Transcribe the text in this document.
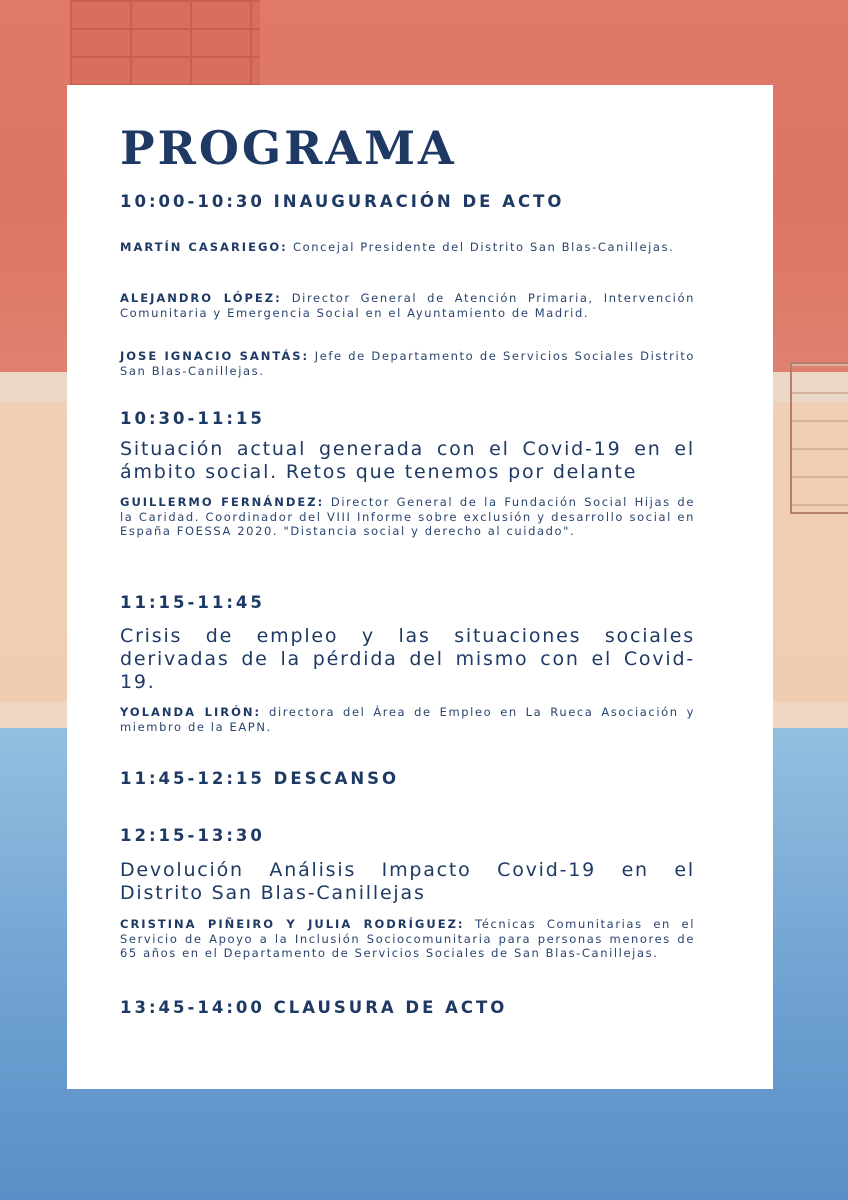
PROGRAMA
10:00-10:30 INAUGURACIÓN DE ACTO
MARTÍN CASARIEGO: Concejal Presidente del Distrito San Blas-Canillejas.
ALEJANDRO LÓPEZ: Director General de Atención Primaria, Intervención Comunitaria y Emergencia Social en el Ayuntamiento de Madrid.
JOSE IGNACIO SANTÁS: Jefe de Departamento de Servicios Sociales Distrito San Blas-Canillejas.
10:30-11:15
Situación actual generada con el Covid-19 en el ámbito social. Retos que tenemos por delante
GUILLERMO FERNÁNDEZ: Director General de la Fundación Social Hijas de la Caridad. Coordinador del VIII Informe sobre exclusión y desarrollo social en España FOESSA 2020. "Distancia social y derecho al cuidado".
11:15-11:45
Crisis de empleo y las situaciones sociales derivadas de la pérdida del mismo con el Covid-19.
YOLANDA LIRÓN: directora del Área de Empleo en La Rueca Asociación y miembro de la EAPN.
11:45-12:15 DESCANSO
12:15-13:30
Devolución Análisis Impacto Covid-19 en el Distrito San Blas-Canillejas
CRISTINA PIÑEIRO Y JULIA RODRÍGUEZ: Técnicas Comunitarias en el Servicio de Apoyo a la Inclusión Sociocomunitaria para personas menores de 65 años en el Departamento de Servicios Sociales de San Blas-Canillejas.
13:45-14:00 CLAUSURA DE ACTO
